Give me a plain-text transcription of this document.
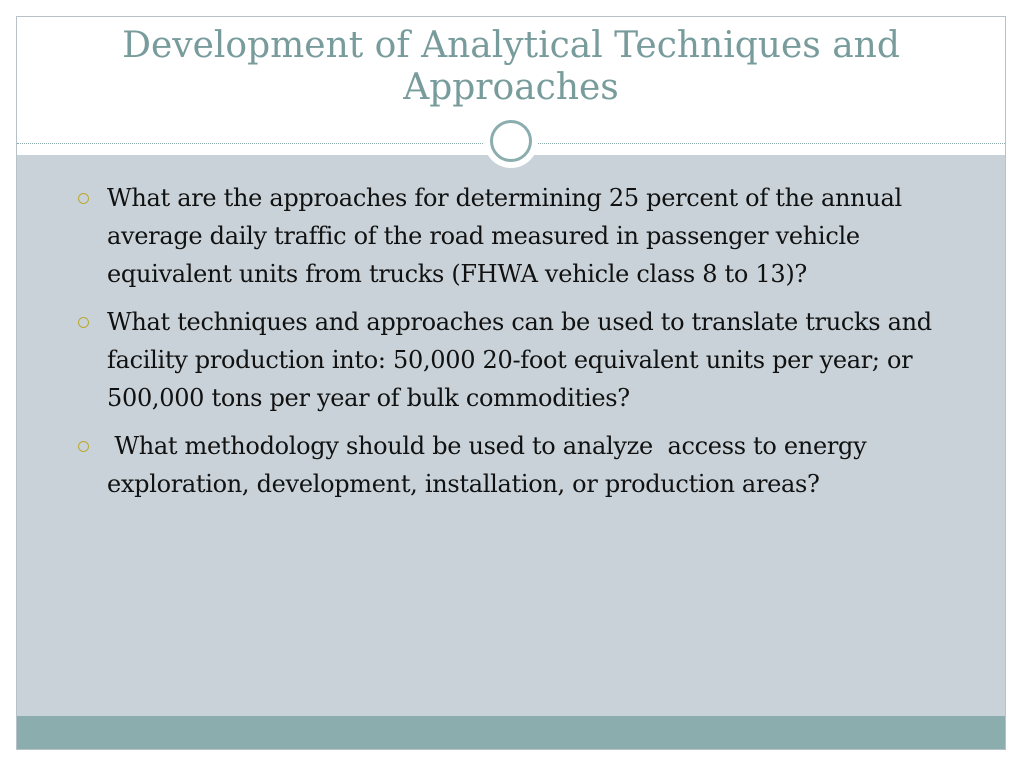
Development of Analytical Techniques and Approaches
What are the approaches for determining 25 percent of the annual average daily traffic of the road measured in passenger vehicle equivalent units from trucks (FHWA vehicle class 8 to 13)?
What techniques and approaches can be used to translate trucks and facility production into: 50,000 20-foot equivalent units per year; or 500,000 tons per year of bulk commodities?
What methodology should be used to analyze  access to energy exploration, development, installation, or production areas?
